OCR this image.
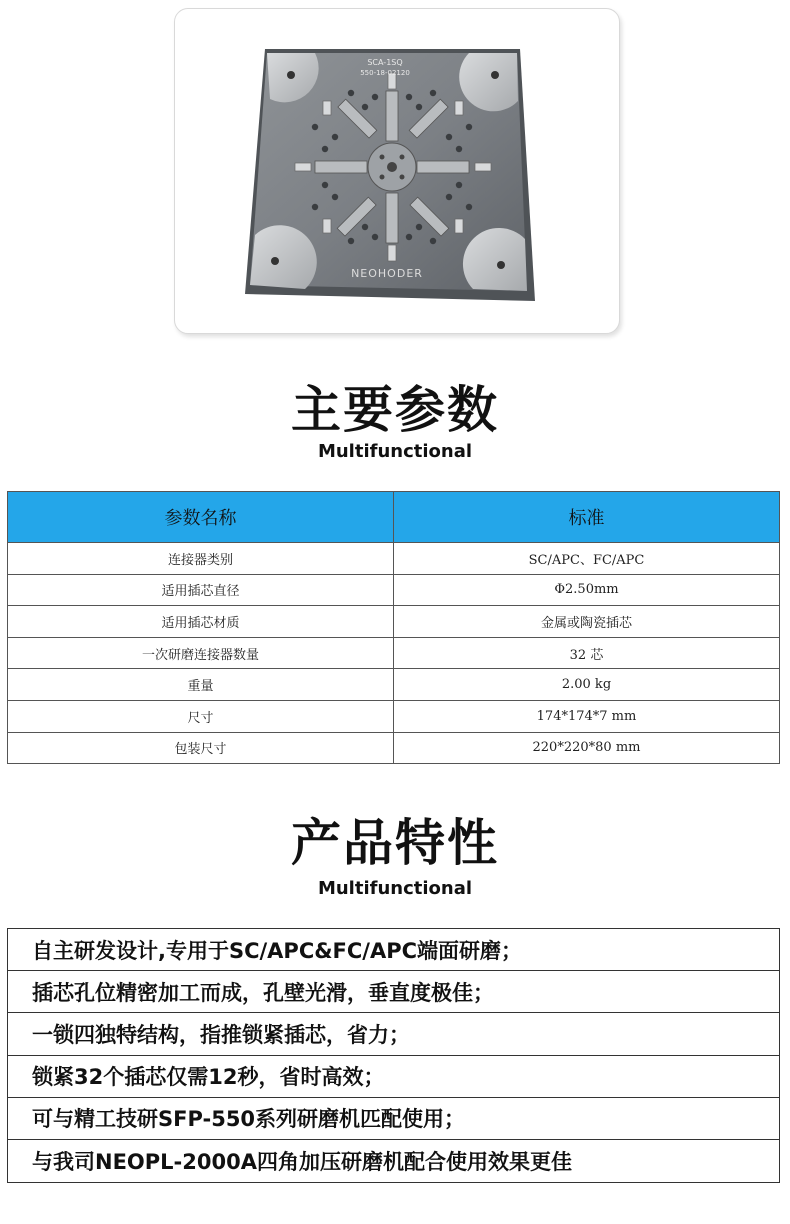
SCA-1SQ
550-18-02120
NEOHODER
主要参数
Multifunctional
参数名称	标准
连接器类别	SC/APC、FC/APC
适用插芯直径	Φ2.50mm
适用插芯材质	金属或陶瓷插芯
一次研磨连接器数量	32 芯
重量	2.00 kg
尺寸	174*174*7 mm
包装尺寸	220*220*80 mm
产品特性
Multifunctional
自主研发设计,专用于SC/APC&FC/APC端面研磨；
插芯孔位精密加工而成，孔壁光滑，垂直度极佳；
一锁四独特结构，指推锁紧插芯，省力；
锁紧32个插芯仅需12秒，省时高效；
可与精工技研SFP-550系列研磨机匹配使用；
与我司NEOPL-2000A四角加压研磨机配合使用效果更佳
